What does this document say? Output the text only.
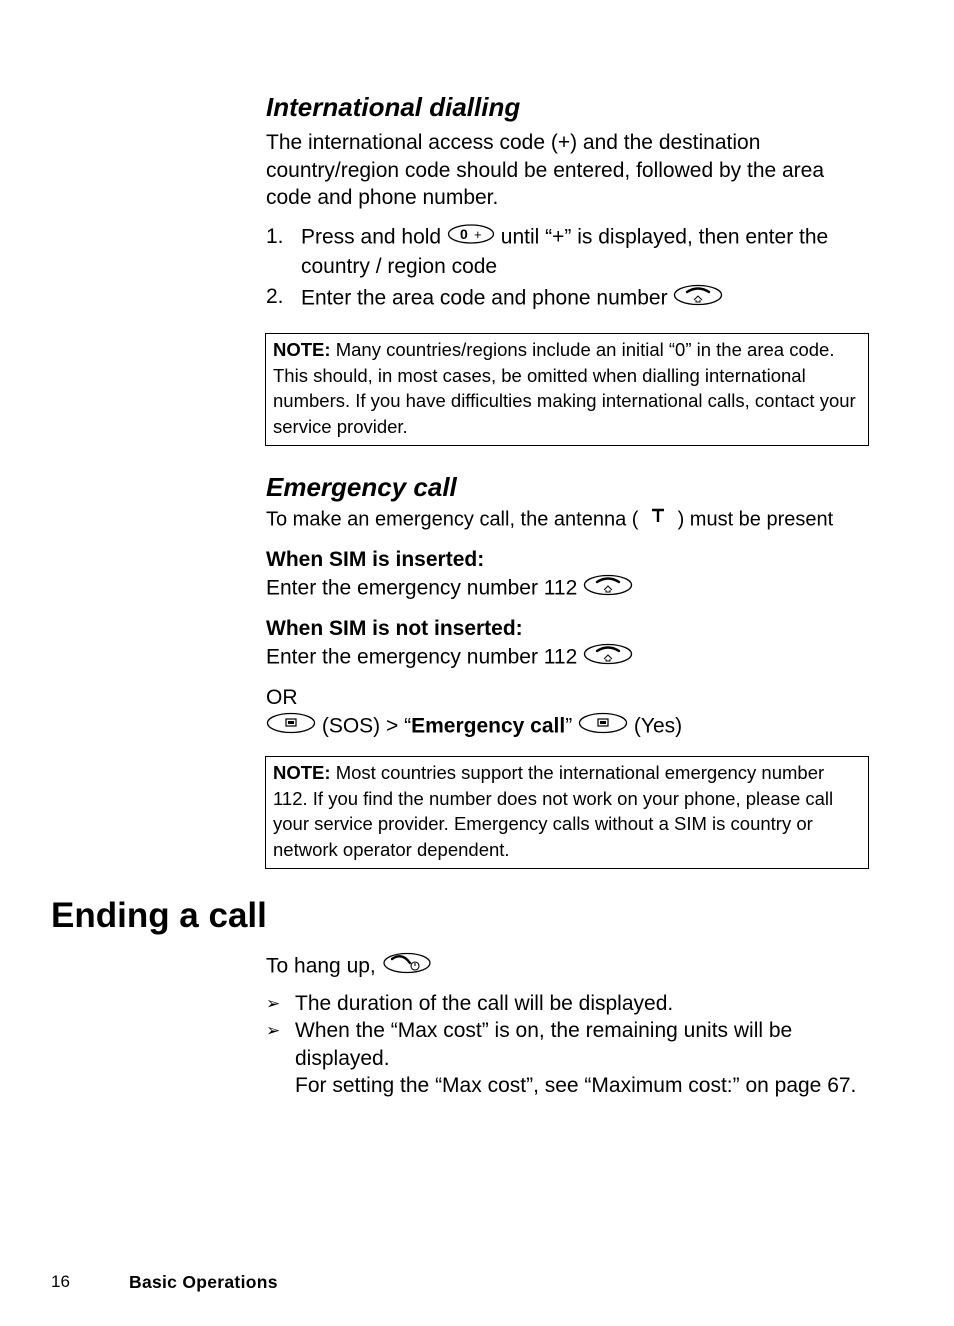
International dialling

The international access code (+) and the destination country/region code should be entered, followed by the area code and phone number.

1. Press and hold 0 + until “+” is displayed, then enter the country / region code
2. Enter the area code and phone number
NOTE: Many countries/regions include an initial “0” in the area code. This should, in most cases, be omitted when dialling international numbers. If you have difficulties making international calls, contact your service provider.
Emergency call

To make an emergency call, the antenna ( ) must be present

When SIM is inserted:

Enter the emergency number 112

When SIM is not inserted:

Enter the emergency number 112

OR

(SOS) > “Emergency call”	(Yes)

NOTE: Most countries support the international emergency number 112. If you find the number does not work on your phone, please call your service provider. Emergency calls without a SIM is country or network operator dependent.
Ending a call

To hang up,

➢ The duration of the call will be displayed.
➢ When the “Max cost” is on, the remaining units will be displayed.

For setting the “Max cost”, see “Maximum cost:” on page 67.

16	Basic Operations
